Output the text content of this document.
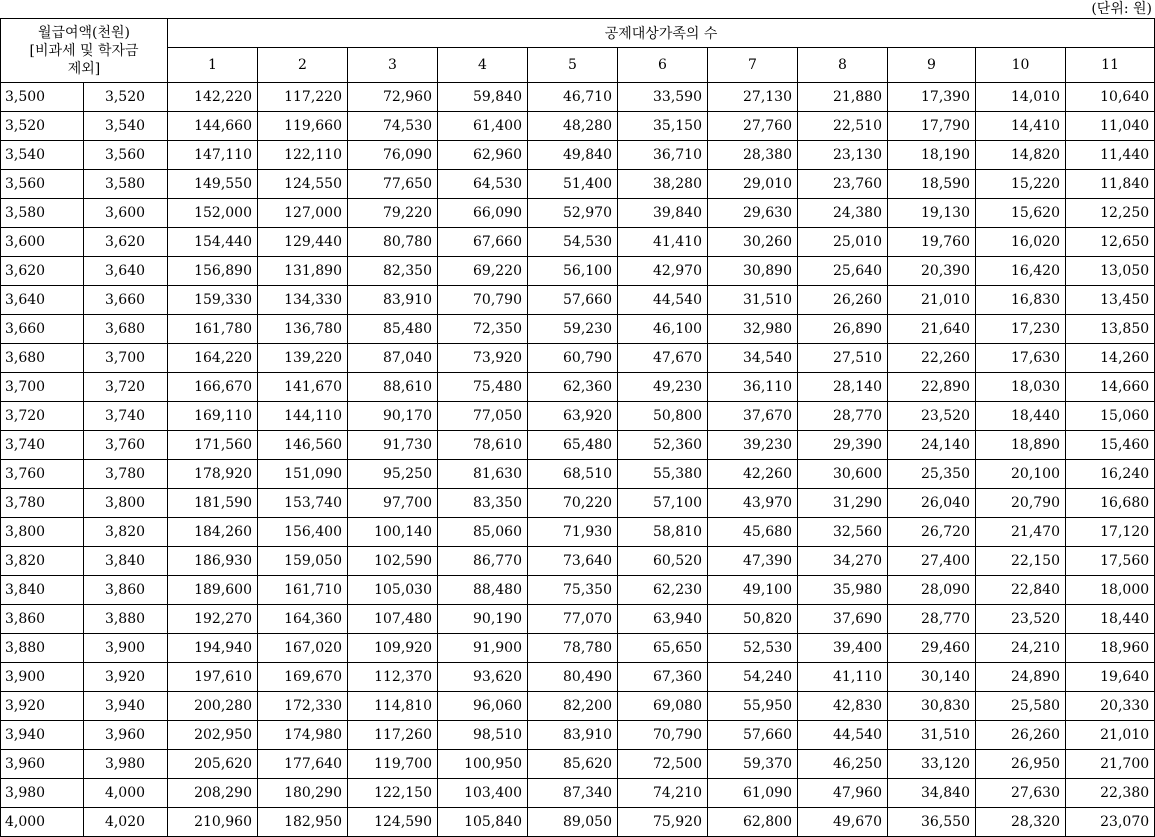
(단위: 원)
월급여액(천원)
[비과세 및 학자금
제외]		공제대상가족의 수										
		1	2	3	4	5	6	7	8	9	10	11
3,500	3,520	142,220	117,220	72,960	59,840	46,710	33,590	27,130	21,880	17,390	14,010	10,640
3,520	3,540	144,660	119,660	74,530	61,400	48,280	35,150	27,760	22,510	17,790	14,410	11,040
3,540	3,560	147,110	122,110	76,090	62,960	49,840	36,710	28,380	23,130	18,190	14,820	11,440
3,560	3,580	149,550	124,550	77,650	64,530	51,400	38,280	29,010	23,760	18,590	15,220	11,840
3,580	3,600	152,000	127,000	79,220	66,090	52,970	39,840	29,630	24,380	19,130	15,620	12,250
3,600	3,620	154,440	129,440	80,780	67,660	54,530	41,410	30,260	25,010	19,760	16,020	12,650
3,620	3,640	156,890	131,890	82,350	69,220	56,100	42,970	30,890	25,640	20,390	16,420	13,050
3,640	3,660	159,330	134,330	83,910	70,790	57,660	44,540	31,510	26,260	21,010	16,830	13,450
3,660	3,680	161,780	136,780	85,480	72,350	59,230	46,100	32,980	26,890	21,640	17,230	13,850
3,680	3,700	164,220	139,220	87,040	73,920	60,790	47,670	34,540	27,510	22,260	17,630	14,260
3,700	3,720	166,670	141,670	88,610	75,480	62,360	49,230	36,110	28,140	22,890	18,030	14,660
3,720	3,740	169,110	144,110	90,170	77,050	63,920	50,800	37,670	28,770	23,520	18,440	15,060
3,740	3,760	171,560	146,560	91,730	78,610	65,480	52,360	39,230	29,390	24,140	18,890	15,460
3,760	3,780	178,920	151,090	95,250	81,630	68,510	55,380	42,260	30,600	25,350	20,100	16,240
3,780	3,800	181,590	153,740	97,700	83,350	70,220	57,100	43,970	31,290	26,040	20,790	16,680
3,800	3,820	184,260	156,400	100,140	85,060	71,930	58,810	45,680	32,560	26,720	21,470	17,120
3,820	3,840	186,930	159,050	102,590	86,770	73,640	60,520	47,390	34,270	27,400	22,150	17,560
3,840	3,860	189,600	161,710	105,030	88,480	75,350	62,230	49,100	35,980	28,090	22,840	18,000
3,860	3,880	192,270	164,360	107,480	90,190	77,070	63,940	50,820	37,690	28,770	23,520	18,440
3,880	3,900	194,940	167,020	109,920	91,900	78,780	65,650	52,530	39,400	29,460	24,210	18,960
3,900	3,920	197,610	169,670	112,370	93,620	80,490	67,360	54,240	41,110	30,140	24,890	19,640
3,920	3,940	200,280	172,330	114,810	96,060	82,200	69,080	55,950	42,830	30,830	25,580	20,330
3,940	3,960	202,950	174,980	117,260	98,510	83,910	70,790	57,660	44,540	31,510	26,260	21,010
3,960	3,980	205,620	177,640	119,700	100,950	85,620	72,500	59,370	46,250	33,120	26,950	21,700
3,980	4,000	208,290	180,290	122,150	103,400	87,340	74,210	61,090	47,960	34,840	27,630	22,380
4,000	4,020	210,960	182,950	124,590	105,840	89,050	75,920	62,800	49,670	36,550	28,320	23,070
